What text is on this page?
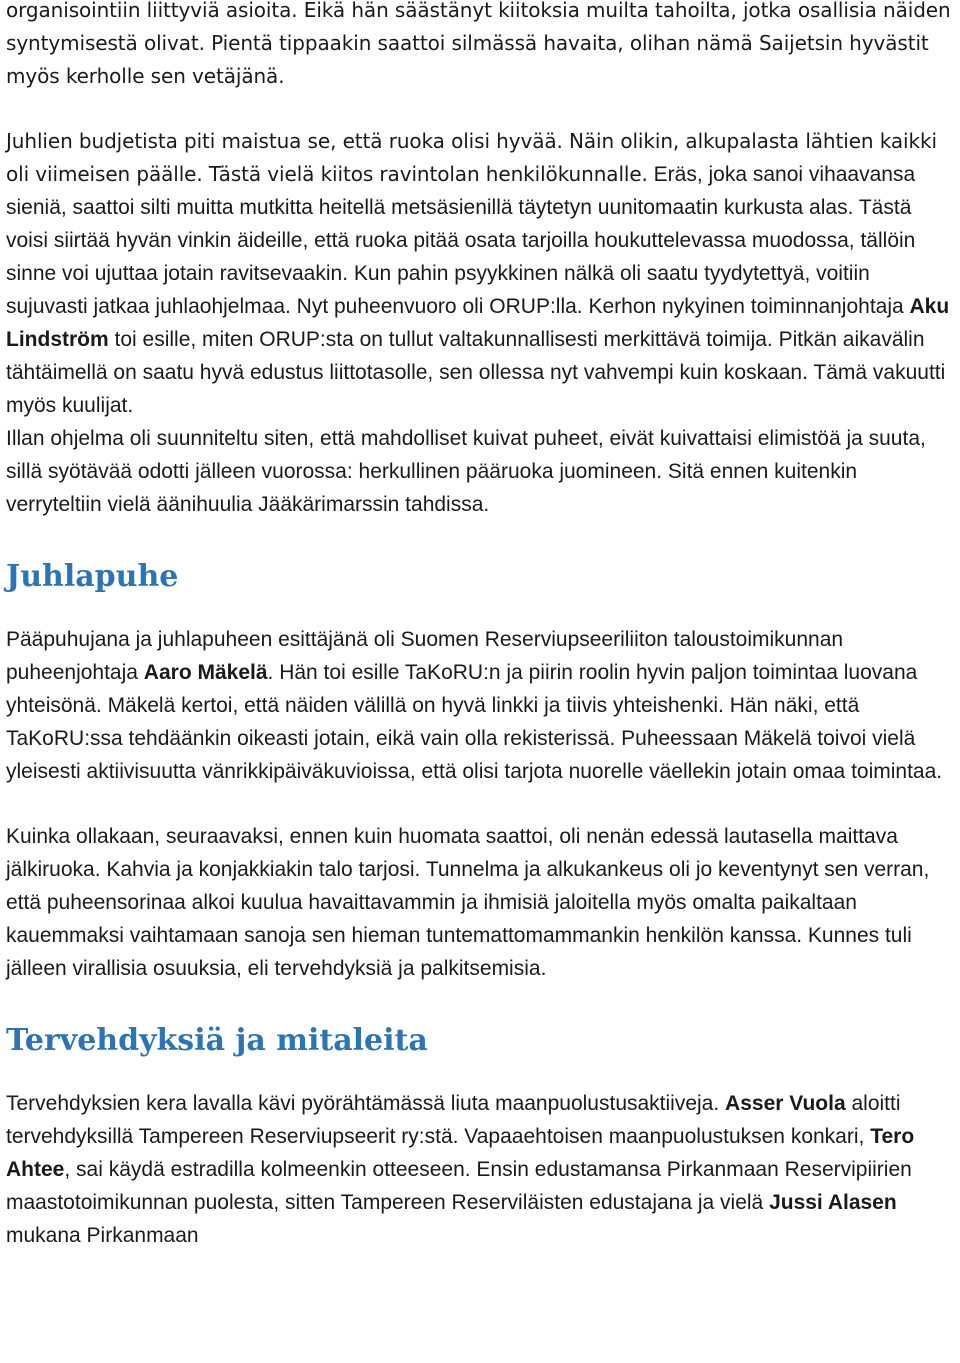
organisointiin liittyviä asioita. Eikä hän säästänyt kiitoksia muilta tahoilta, jotka osallisia näiden syntymisestä olivat. Pientä tippaakin saattoi silmässä havaita, olihan nämä Saijetsin hyvästit myös kerholle sen vetäjänä.

Juhlien budjetista piti maistua se, että ruoka olisi hyvää. Näin olikin, alkupalasta lähtien kaikki oli viimeisen päälle. Tästä vielä kiitos ravintolan henkilökunnalle. Eräs, joka sanoi vihaavansa sieniä, saattoi silti muitta mutkitta heitellä metsäsienillä täytetyn uunitomaatin kurkusta alas. Tästä voisi siirtää hyvän vinkin äideille, että ruoka pitää osata tarjoilla houkuttelevassa muodossa, tällöin sinne voi ujuttaa jotain ravitsevaakin. Kun pahin psyykkinen nälkä oli saatu tyydytettyä, voitiin sujuvasti jatkaa juhlaohjelmaa. Nyt puheenvuoro oli ORUP:lla. Kerhon nykyinen toiminnanjohtaja Aku Lindström toi esille, miten ORUP:sta on tullut valtakunnallisesti merkittävä toimija. Pitkän aikavälin tähtäimellä on saatu hyvä edustus liittotasolle, sen ollessa nyt vahvempi kuin koskaan. Tämä vakuutti myös kuulijat.

Illan ohjelma oli suunniteltu siten, että mahdolliset kuivat puheet, eivät kuivattaisi elimistöä ja suuta, sillä syötävää odotti jälleen vuorossa: herkullinen pääruoka juomineen. Sitä ennen kuitenkin verryteltiin vielä äänihuulia Jääkärimarssin tahdissa.

Juhlapuhe

Pääpuhujana ja juhlapuheen esittäjänä oli Suomen Reserviupseeriliiton taloustoimikunnan puheenjohtaja Aaro Mäkelä. Hän toi esille TaKoRU:n ja piirin roolin hyvin paljon toimintaa luovana yhteisönä. Mäkelä kertoi, että näiden välillä on hyvä linkki ja tiivis yhteishenki. Hän näki, että TaKoRU:ssa tehdäänkin oikeasti jotain, eikä vain olla rekisterissä. Puheessaan Mäkelä toivoi vielä yleisesti aktiivisuutta vänrikkipäiväkuvioissa, että olisi tarjota nuorelle väellekin jotain omaa toimintaa.

Kuinka ollakaan, seuraavaksi, ennen kuin huomata saattoi, oli nenän edessä lautasella maittava jälkiruoka. Kahvia ja konjakkiakin talo tarjosi. Tunnelma ja alkukankeus oli jo keventynyt sen verran, että puheensorinaa alkoi kuulua havaittavammin ja ihmisiä jaloitella myös omalta paikaltaan kauemmaksi vaihtamaan sanoja sen hieman tuntemattomammankin henkilön kanssa. Kunnes tuli jälleen virallisia osuuksia, eli tervehdyksiä ja palkitsemisia.

Tervehdyksiä ja mitaleita

Tervehdyksien kera lavalla kävi pyörähtämässä liuta maanpuolustusaktiiveja. Asser Vuola aloitti tervehdyksillä Tampereen Reserviupseerit ry:stä. Vapaaehtoisen maanpuolustuksen konkari, Tero Ahtee, sai käydä estradilla kolmeenkin otteeseen. Ensin edustamansa Pirkanmaan Reservipiirien maastotoimikunnan puolesta, sitten Tampereen Reserviläisten edustajana ja vielä Jussi Alasen mukana Pirkanmaan
